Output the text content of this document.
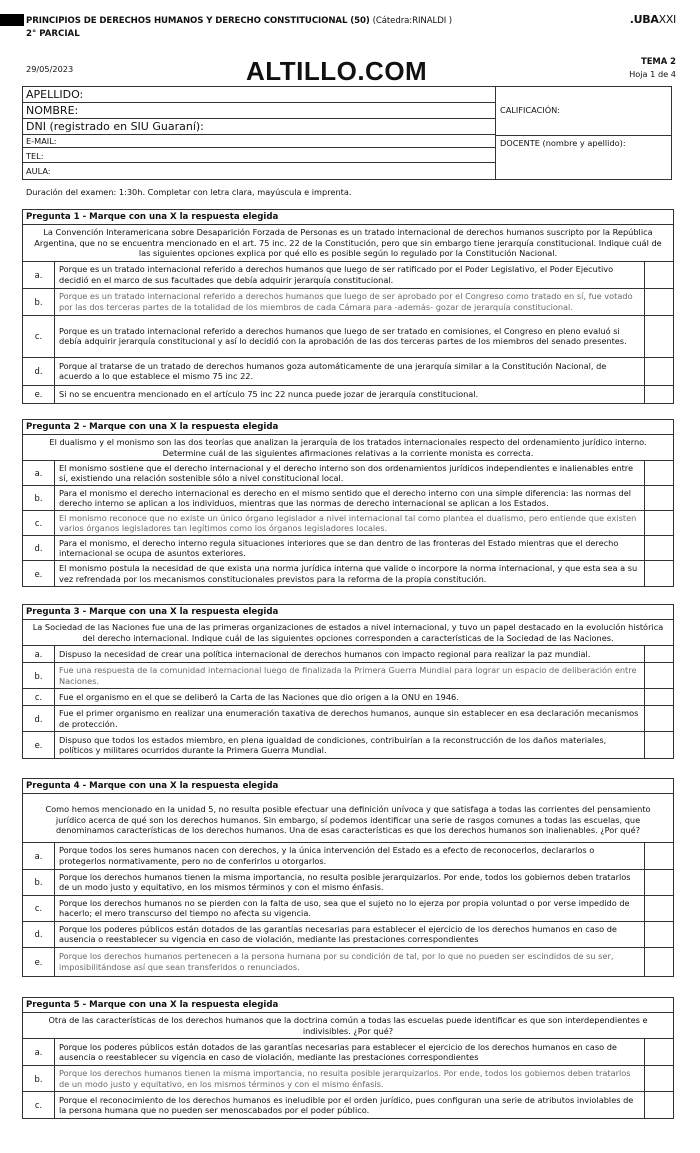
PRINCIPIOS DE DERECHOS HUMANOS Y DERECHO CONSTITUCIONAL (50) (Cátedra:RINALDI )
2° PARCIAL
.UBAXXI
29/05/2023	ALTILLO.COM	TEMA 2
Hoja 1 de 4
APELLIDO:
NOMBRE:
DNI (registrado en SIU Guaraní):
E-MAIL:
TEL:
AULA:
CALIFICACIÓN:
DOCENTE (nombre y apellido):
Duración del examen: 1:30h. Completar con letra clara, mayúscula e imprenta.
Pregunta 1 - Marque con una X la respuesta elegida
La Convención Interamericana sobre Desaparición Forzada de Personas es un tratado internacional de derechos humanos suscripto por la República Argentina, que no se encuentra mencionado en el art. 75 inc. 22 de la Constitución, pero que sin embargo tiene jerarquía constitucional. Indique cuál de las siguientes opciones explica por qué ello es posible según lo regulado por la Constitución Nacional.
a.
Porque es un tratado internacional referido a derechos humanos que luego de ser ratificado por el Poder Legislativo, el Poder Ejecutivo decidió en el marco de sus facultades que debía adquirir jerarquía constitucional.
b.
Porque es un tratado internacional referido a derechos humanos que luego de ser aprobado por el Congreso como tratado en sí, fue votado por las dos terceras partes de la totalidad de los miembros de cada Cámara para -además- gozar de jerarquía constitucional.
c.
Porque es un tratado internacional referido a derechos humanos que luego de ser tratado en comisiones, el Congreso en pleno evaluó si debía adquirir jerarquía constitucional y así lo decidió con la aprobación de las dos terceras partes de los miembros del senado presentes.
d.
Porque al tratarse de un tratado de derechos humanos goza automáticamente de una jerarquía similar a la Constitución Nacional, de acuerdo a lo que establece el mismo 75 inc 22.
e.	Si no se encuentra mencionado en el artículo 75 inc 22 nunca puede jozar de jerarquía constitucional.
Pregunta 2 - Marque con una X la respuesta elegida
El dualismo y el monismo son las dos teorías que analizan la jerarquía de los tratados internacionales respecto del ordenamiento jurídico interno. Determine cuál de las siguientes afirmaciones relativas a la corriente monista es correcta.
a.
El monismo sostiene que el derecho internacional y el derecho interno son dos ordenamientos jurídicos independientes e inalienables entre sí, existiendo una relación sostenible sólo a nivel constitucional local.
b.
Para el monismo el derecho internacional es derecho en el mismo sentido que el derecho interno con una simple diferencia: las normas del derecho interno se aplican a los individuos, mientras que las normas de derecho internacional se aplican a los Estados.
c.
El monismo reconoce que no existe un único órgano legislador a nivel internacional tal como plantea el dualismo, pero entiende que existen varios órganos legisladores tan legítimos como los órganos legisladores locales.
d.
Para el monismo, el derecho interno regula situaciones interiores que se dan dentro de las fronteras del Estado mientras que el derecho internacional se ocupa de asuntos exteriores.
e.
El monismo postula la necesidad de que exista una norma jurídica interna que valide o incorpore la norma internacional, y que esta sea a su vez refrendada por los mecanismos constitucionales previstos para la reforma de la propia constitución.
Pregunta 3 - Marque con una X la respuesta elegida
La Sociedad de las Naciones fue una de las primeras organizaciones de estados a nivel internacional, y tuvo un papel destacado en la evolución histórica del derecho internacional. Indique cuál de las siguientes opciones corresponden a características de la Sociedad de las Naciones.
a.	Dispuso la necesidad de crear una política internacional de derechos humanos con impacto regional para realizar la paz mundial.
b.
Fue una respuesta de la comunidad internacional luego de finalizada la Primera Guerra Mundial para lograr un espacio de deliberación entre Naciones.
c.	Fue el organismo en el que se deliberó la Carta de las Naciones que dio origen a la ONU en 1946.
d.
Fue el primer organismo en realizar una enumeración taxativa de derechos humanos, aunque sin establecer en esa declaración mecanismos de protección.
e.
Dispuso que todos los estados miembro, en plena igualdad de condiciones, contribuirían a la reconstrucción de los daños materiales, políticos y militares ocurridos durante la Primera Guerra Mundial.
Pregunta 4 - Marque con una X la respuesta elegida
Como hemos mencionado en la unidad 5, no resulta posible efectuar una definición unívoca y que satisfaga a todas las corrientes del pensamiento jurídico acerca de qué son los derechos humanos. Sin embargo, sí podemos identificar una serie de rasgos comunes a todas las escuelas, que denominamos características de los derechos humanos. Una de esas características es que los derechos humanos son inalienables. ¿Por qué?
a.
Porque todos los seres humanos nacen con derechos, y la única intervención del Estado es a efecto de reconocerlos, declararlos o protegerlos normativamente, pero no de conferirlos u otorgarlos.
b.
Porque los derechos humanos tienen la misma importancia, no resulta posible jerarquizarlos. Por ende, todos los gobiernos deben tratarlos de un modo justo y equitativo, en los mismos términos y con el mismo énfasis.
c.
Porque los derechos humanos no se pierden con la falta de uso, sea que el sujeto no lo ejerza por propia voluntad o por verse impedido de hacerlo; el mero transcurso del tiempo no afecta su vigencia.
d.
Porque los poderes públicos están dotados de las garantías necesarias para establecer el ejercicio de los derechos humanos en caso de ausencia o reestablecer su vigencia en caso de violación, mediante las prestaciones correspondientes
e.
Porque los derechos humanos pertenecen a la persona humana por su condición de tal, por lo que no pueden ser escindidos de su ser, imposibilitándose así que sean transferidos o renunciados.
Pregunta 5 - Marque con una X la respuesta elegida
Otra de las características de los derechos humanos que la doctrina común a todas las escuelas puede identificar es que son interdependientes e indivisibles. ¿Por qué?
a.
Porque los poderes públicos están dotados de las garantías necesarias para establecer el ejercicio de los derechos humanos en caso de ausencia o reestablecer su vigencia en caso de violación, mediante las prestaciones correspondientes
b.
Porque los derechos humanos tienen la misma importancia, no resulta posible jerarquizarlos. Por ende, todos los gobiernos deben tratarlos de un modo justo y equitativo, en los mismos términos y con el mismo énfasis.
c.
Porque el reconocimiento de los derechos humanos es ineludible por el orden jurídico, pues configuran una serie de atributos inviolables de la persona humana que no pueden ser menoscabados por el poder público.
